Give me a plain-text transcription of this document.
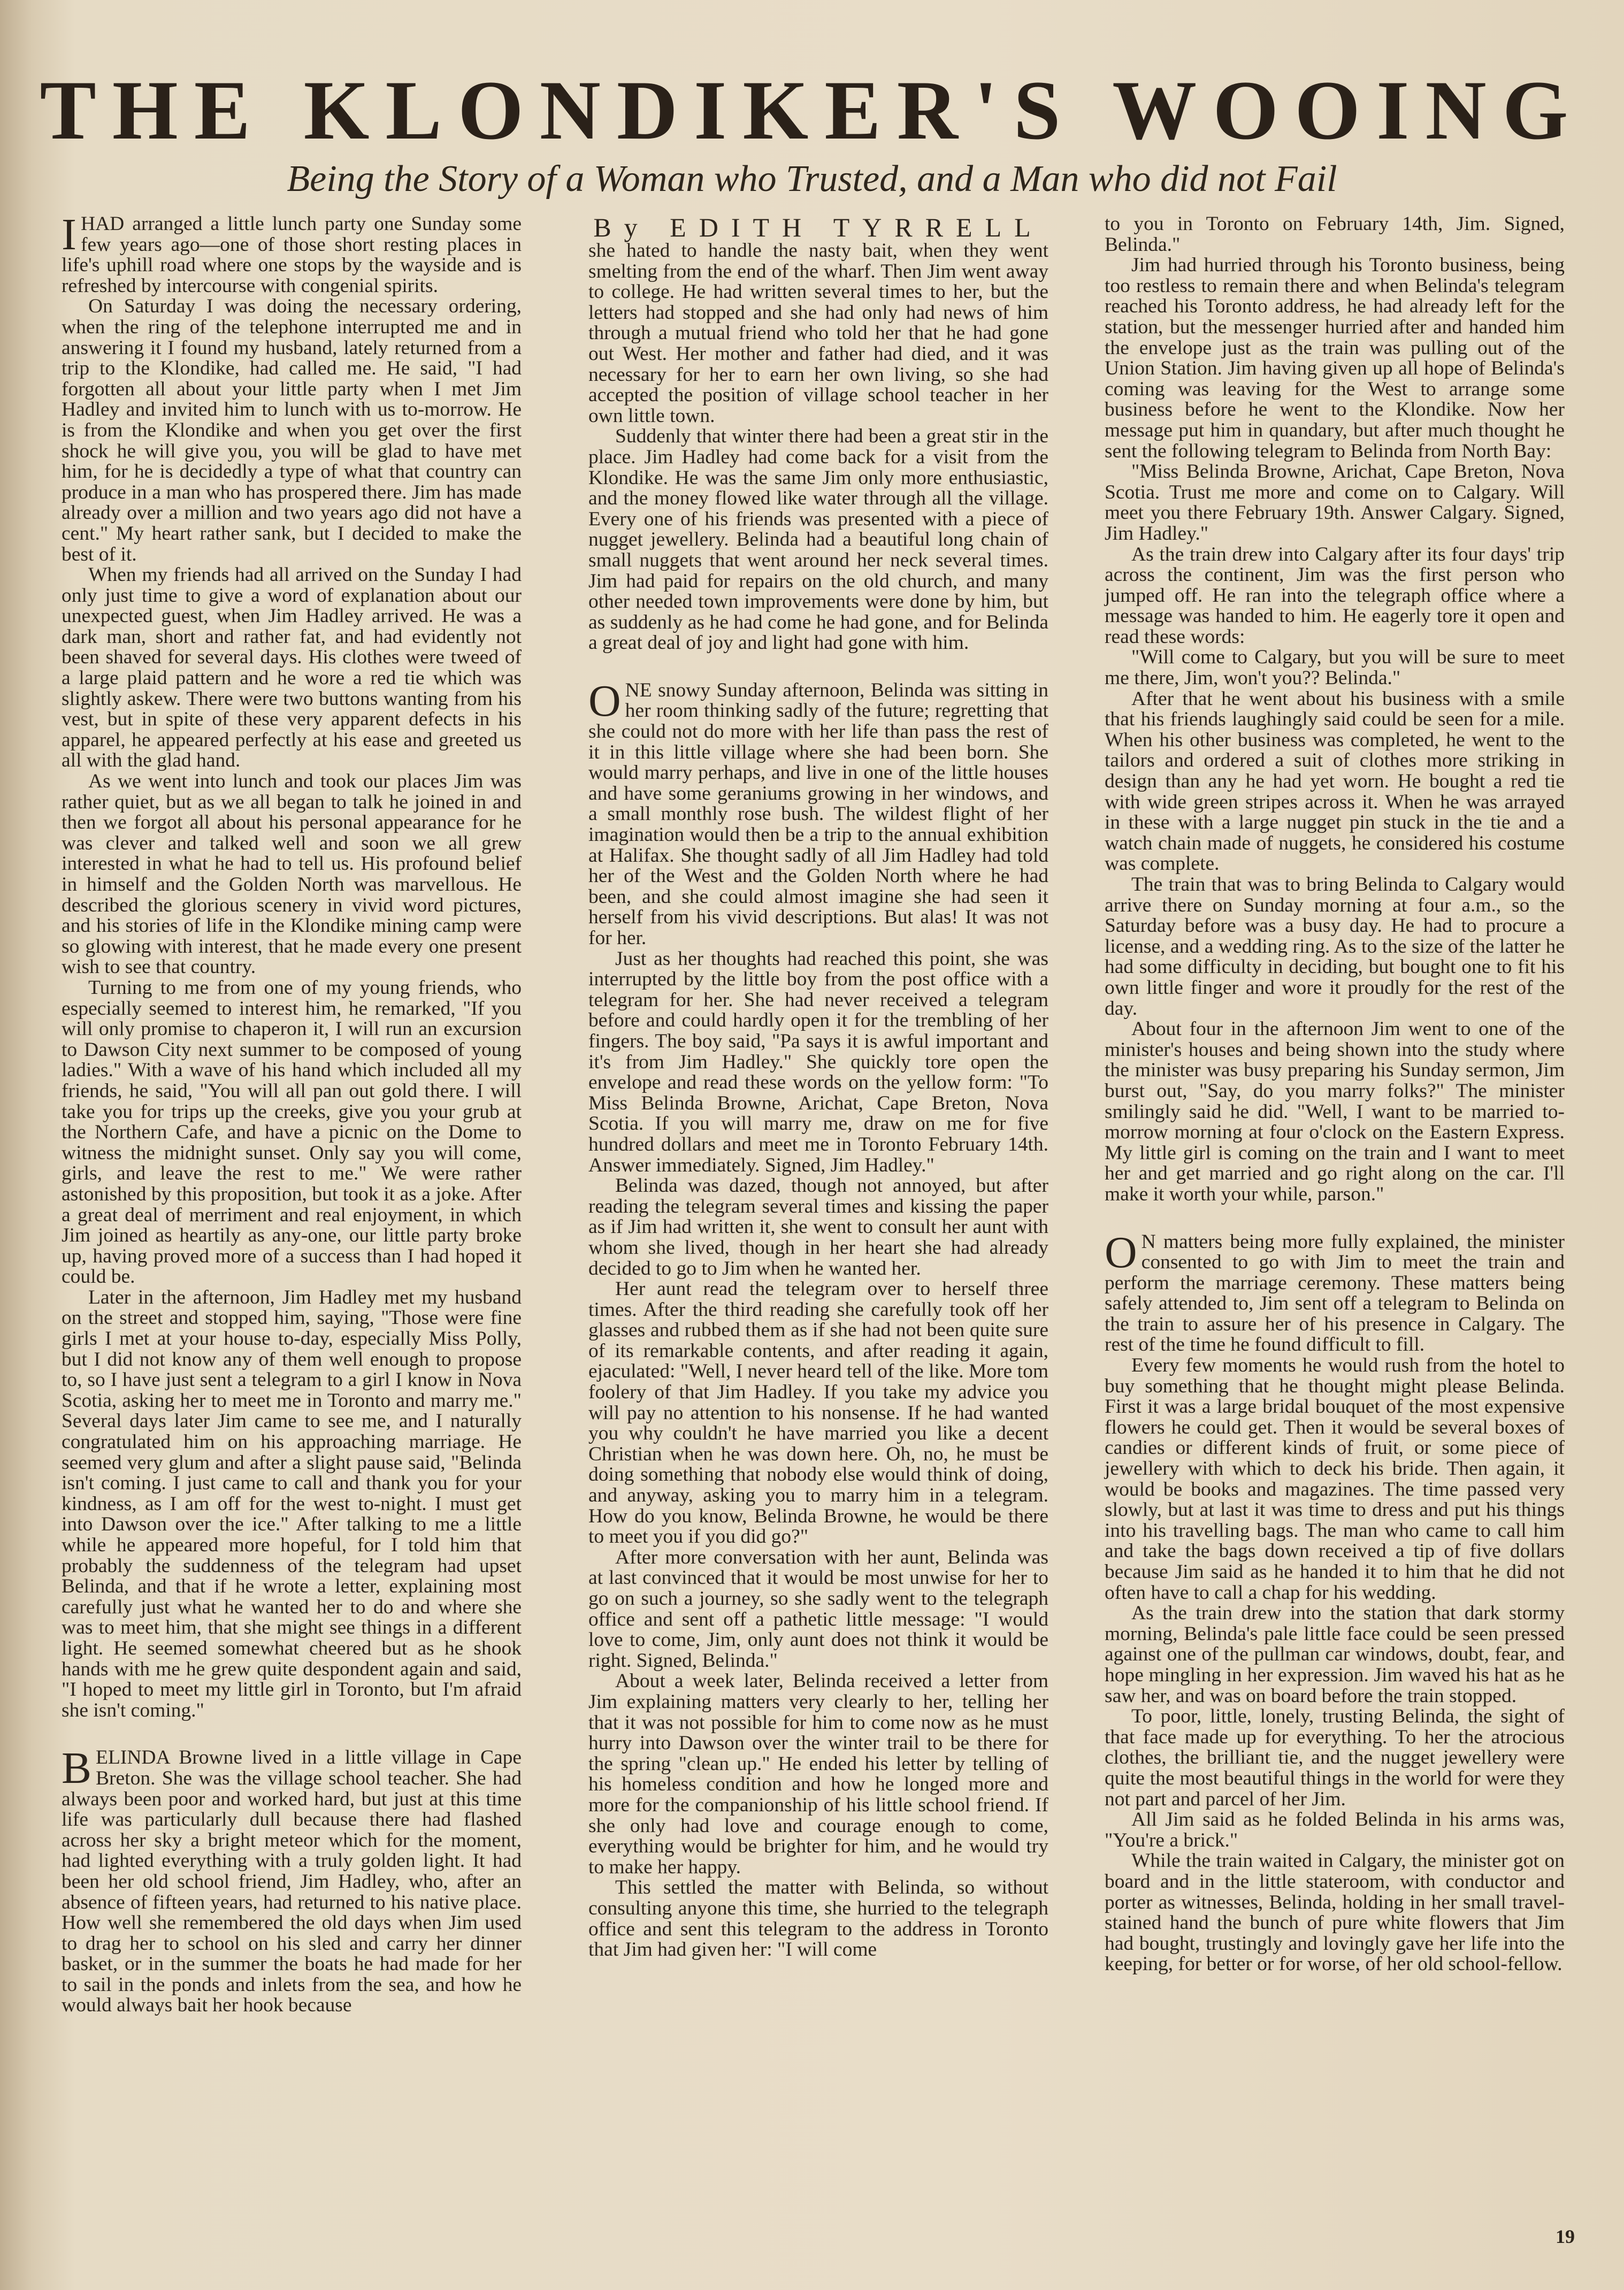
THE KLONDIKER'S WOOING
Being the Story of a Woman who Trusted, and a Man who did not Fail

IHAD arranged a little lunch party one Sunday some few years ago—one of those short resting places in life's uphill road where one stops by the wayside and is refreshed by intercourse with congenial spirits.

On Saturday I was doing the necessary ordering, when the ring of the telephone interrupted me and in answering it I found my husband, lately returned from a trip to the Klondike, had called me. He said, "I had forgotten all about your little party when I met Jim Hadley and invited him to lunch with us to-morrow. He is from the Klondike and when you get over the first shock he will give you, you will be glad to have met him, for he is decidedly a type of what that country can produce in a man who has prospered there. Jim has made already over a million and two years ago did not have a cent." My heart rather sank, but I decided to make the best of it.

When my friends had all arrived on the Sunday I had only just time to give a word of explanation about our unexpected guest, when Jim Hadley arrived. He was a dark man, short and rather fat, and had evidently not been shaved for several days. His clothes were tweed of a large plaid pattern and he wore a red tie which was slightly askew. There were two buttons wanting from his vest, but in spite of these very apparent defects in his apparel, he appeared perfectly at his ease and greeted us all with the glad hand.

As we went into lunch and took our places Jim was rather quiet, but as we all began to talk he joined in and then we forgot all about his personal appearance for he was clever and talked well and soon we all grew interested in what he had to tell us. His profound belief in himself and the Golden North was marvellous. He described the glorious scenery in vivid word pictures, and his stories of life in the Klondike mining camp were so glowing with interest, that he made every one present wish to see that country.

Turning to me from one of my young friends, who especially seemed to interest him, he remarked, "If you will only promise to chaperon it, I will run an excursion to Dawson City next summer to be composed of young ladies." With a wave of his hand which included all my friends, he said, "You will all pan out gold there. I will take you for trips up the creeks, give you your grub at the Northern Cafe, and have a picnic on the Dome to witness the midnight sunset. Only say you will come, girls, and leave the rest to me." We were rather astonished by this proposition, but took it as a joke. After a great deal of merriment and real enjoyment, in which Jim joined as heartily as any-one, our little party broke up, having proved more of a success than I had hoped it could be.

Later in the afternoon, Jim Hadley met my husband on the street and stopped him, saying, "Those were fine girls I met at your house to-day, especially Miss Polly, but I did not know any of them well enough to propose to, so I have just sent a telegram to a girl I know in Nova Scotia, asking her to meet me in Toronto and marry me." Several days later Jim came to see me, and I naturally congratulated him on his approaching marriage. He seemed very glum and after a slight pause said, "Belinda isn't coming. I just came to call and thank you for your kindness, as I am off for the west to-night. I must get into Dawson over the ice." After talking to me a little while he appeared more hopeful, for I told him that probably the suddenness of the telegram had upset Belinda, and that if he wrote a letter, explaining most carefully just what he wanted her to do and where she was to meet him, that she might see things in a different light. He seemed somewhat cheered but as he shook hands with me he grew quite despondent again and said, "I hoped to meet my little girl in Toronto, but I'm afraid she isn't coming."

BELINDA Browne lived in a little village in Cape Breton. She was the village school teacher. She had always been poor and worked hard, but just at this time life was particularly dull because there had flashed across her sky a bright meteor which for the moment, had lighted everything with a truly golden light. It had been her old school friend, Jim Hadley, who, after an absence of fifteen years, had returned to his native place. How well she remembered the old days when Jim used to drag her to school on his sled and carry her dinner basket, or in the summer the boats he had made for her to sail in the ponds and inlets from the sea, and how he would always bait her hook because

By EDITH TYRRELL

she hated to handle the nasty bait, when they went smelting from the end of the wharf. Then Jim went away to college. He had written several times to her, but the letters had stopped and she had only had news of him through a mutual friend who told her that he had gone out West. Her mother and father had died, and it was necessary for her to earn her own living, so she had accepted the position of village school teacher in her own little town.

Suddenly that winter there had been a great stir in the place. Jim Hadley had come back for a visit from the Klondike. He was the same Jim only more enthusiastic, and the money flowed like water through all the village. Every one of his friends was presented with a piece of nugget jewellery. Belinda had a beautiful long chain of small nuggets that went around her neck several times. Jim had paid for repairs on the old church, and many other needed town improvements were done by him, but as suddenly as he had come he had gone, and for Belinda a great deal of joy and light had gone with him.

ONE snowy Sunday afternoon, Belinda was sitting in her room thinking sadly of the future; regretting that she could not do more with her life than pass the rest of it in this little village where she had been born. She would marry perhaps, and live in one of the little houses and have some geraniums growing in her windows, and a small monthly rose bush. The wildest flight of her imagination would then be a trip to the annual exhibition at Halifax. She thought sadly of all Jim Hadley had told her of the West and the Golden North where he had been, and she could almost imagine she had seen it herself from his vivid descriptions. But alas! It was not for her.

Just as her thoughts had reached this point, she was interrupted by the little boy from the post office with a telegram for her. She had never received a telegram before and could hardly open it for the trembling of her fingers. The boy said, "Pa says it is awful important and it's from Jim Hadley." She quickly tore open the envelope and read these words on the yellow form: "To Miss Belinda Browne, Arichat, Cape Breton, Nova Scotia. If you will marry me, draw on me for five hundred dollars and meet me in Toronto February 14th. Answer immediately. Signed, Jim Hadley."

Belinda was dazed, though not annoyed, but after reading the telegram several times and kissing the paper as if Jim had written it, she went to consult her aunt with whom she lived, though in her heart she had already decided to go to Jim when he wanted her.

Her aunt read the telegram over to herself three times. After the third reading she carefully took off her glasses and rubbed them as if she had not been quite sure of its remarkable contents, and after reading it again, ejaculated: "Well, I never heard tell of the like. More tom foolery of that Jim Hadley. If you take my advice you will pay no attention to his nonsense. If he had wanted you why couldn't he have married you like a decent Christian when he was down here. Oh, no, he must be doing something that nobody else would think of doing, and anyway, asking you to marry him in a telegram. How do you know, Belinda Browne, he would be there to meet you if you did go?"

After more conversation with her aunt, Belinda was at last convinced that it would be most unwise for her to go on such a journey, so she sadly went to the telegraph office and sent off a pathetic little message: "I would love to come, Jim, only aunt does not think it would be right. Signed, Belinda."

About a week later, Belinda received a letter from Jim explaining matters very clearly to her, telling her that it was not possible for him to come now as he must hurry into Dawson over the winter trail to be there for the spring "clean up." He ended his letter by telling of his homeless condition and how he longed more and more for the companionship of his little school friend. If she only had love and courage enough to come, everything would be brighter for him, and he would try to make her happy.

This settled the matter with Belinda, so without consulting anyone this time, she hurried to the telegraph office and sent this telegram to the address in Toronto that Jim had given her: "I will come

to you in Toronto on February 14th, Jim. Signed, Belinda."

Jim had hurried through his Toronto business, being too restless to remain there and when Belinda's telegram reached his Toronto address, he had already left for the station, but the messenger hurried after and handed him the envelope just as the train was pulling out of the Union Station. Jim having given up all hope of Belinda's coming was leaving for the West to arrange some business before he went to the Klondike. Now her message put him in quandary, but after much thought he sent the following telegram to Belinda from North Bay:

"Miss Belinda Browne, Arichat, Cape Breton, Nova Scotia. Trust me more and come on to Calgary. Will meet you there February 19th. Answer Calgary. Signed, Jim Hadley."

As the train drew into Calgary after its four days' trip across the continent, Jim was the first person who jumped off. He ran into the telegraph office where a message was handed to him. He eagerly tore it open and read these words:

"Will come to Calgary, but you will be sure to meet me there, Jim, won't you?? Belinda."

After that he went about his business with a smile that his friends laughingly said could be seen for a mile. When his other business was completed, he went to the tailors and ordered a suit of clothes more striking in design than any he had yet worn. He bought a red tie with wide green stripes across it. When he was arrayed in these with a large nugget pin stuck in the tie and a watch chain made of nuggets, he considered his costume was complete.

The train that was to bring Belinda to Calgary would arrive there on Sunday morning at four a.m., so the Saturday before was a busy day. He had to procure a license, and a wedding ring. As to the size of the latter he had some difficulty in deciding, but bought one to fit his own little finger and wore it proudly for the rest of the day.

About four in the afternoon Jim went to one of the minister's houses and being shown into the study where the minister was busy preparing his Sunday sermon, Jim burst out, "Say, do you marry folks?" The minister smilingly said he did. "Well, I want to be married to-morrow morning at four o'clock on the Eastern Express. My little girl is coming on the train and I want to meet her and get married and go right along on the car. I'll make it worth your while, parson."

O N matters being more fully explained, the minister consented to go with Jim to meet the train and perform the marriage ceremony. These matters being safely attended to, Jim sent off a telegram to Belinda on the train to assure her of his presence in Calgary. The rest of the time he found difficult to fill.

Every few moments he would rush from the hotel to buy something that he thought might please Belinda. First it was a large bridal bouquet of the most expensive flowers he could get. Then it would be several boxes of candies or different kinds of fruit, or some piece of jewellery with which to deck his bride. Then again, it would be books and magazines. The time passed very slowly, but at last it was time to dress and put his things into his travelling bags. The man who came to call him and take the bags down received a tip of five dollars because Jim said as he handed it to him that he did not often have to call a chap for his wedding.

As the train drew into the station that dark stormy morning, Belinda's pale little face could be seen pressed against one of the pullman car windows, doubt, fear, and hope mingling in her expression. Jim waved his hat as he saw her, and was on board before the train stopped.

To poor, little, lonely, trusting Belinda, the sight of that face made up for everything. To her the atrocious clothes, the brilliant tie, and the nugget jewellery were quite the most beautiful things in the world for were they not part and parcel of her Jim.

All Jim said as he folded Belinda in his arms was, "You're a brick."

While the train waited in Calgary, the minister got on board and in the little stateroom, with conductor and porter as witnesses, Belinda, holding in her small travel-stained hand the bunch of pure white flowers that Jim had bought, trustingly and lovingly gave her life into the keeping, for better or for worse, of her old school-fellow.

19
